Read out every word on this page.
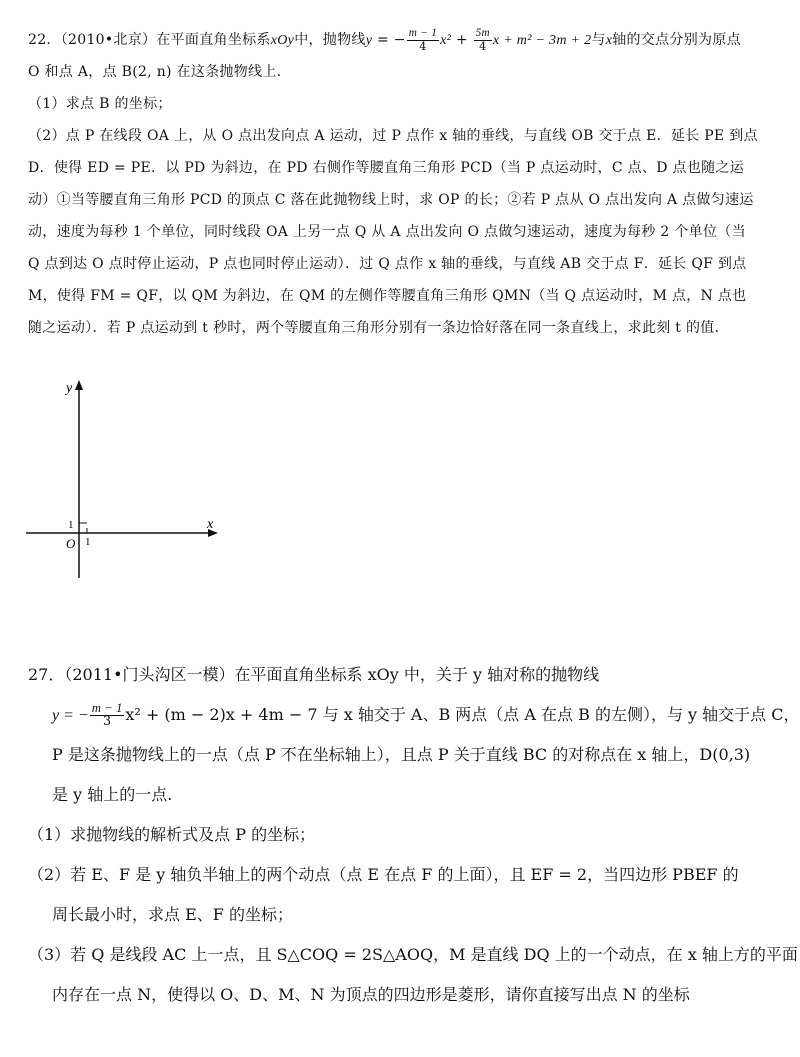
22．（2010•北京）在平面直角坐标系xOy中，抛物线y = − $\frac{m - 1}{4} x^2 + \frac{5m}{4}$ x + m² − 3m + 2与x轴的交点分别为原点
O 和点 A，点 B(2, n) 在这条抛物线上．
（1）求点 B 的坐标；
（2）点 P 在线段 OA 上，从 O 点出发向点 A 运动，过 P 点作 x 轴的垂线，与直线 OB 交于点 E．延长 PE 到点
D．使得 ED = PE．以 PD 为斜边，在 PD 右侧作等腰直角三角形 PCD（当 P 点运动时，C 点、D 点也随之运
动）①当等腰直角三角形 PCD 的顶点 C 落在此抛物线上时，求 OP 的长；②若 P 点从 O 点出发向 A 点做匀速运
动，速度为每秒 1 个单位，同时线段 OA 上另一点 Q 从 A 点出发向 O 点做匀速运动，速度为每秒 2 个单位（当
Q 点到达 O 点时停止运动，P 点也同时停止运动）．过 Q 点作 x 轴的垂线，与直线 AB 交于点 F．延长 QF 到点
M，使得 FM = QF，以 QM 为斜边，在 QM 的左侧作等腰直角三角形 QMN（当 Q 点运动时，M 点，N 点也
随之运动）．若 P 点运动到 t 秒时，两个等腰直角三角形分别有一条边恰好落在同一条直线上，求此刻 t 的值．
y
x
O
1
1
27．（2011•门头沟区一模）在平面直角坐标系 xOy 中，关于 y 轴对称的抛物线
y = − $\frac{m - 1}{3} x^2 + (m - 2)x + 4m - 7$ 与 x 轴交于 A、B 两点（点 A 在点 B 的左侧），与 y 轴交于点 C，
P 是这条抛物线上的一点（点 P 不在坐标轴上），且点 P 关于直线 BC 的对称点在 x 轴上，D(0,3)
是 y 轴上的一点.
（1）求抛物线的解析式及点 P 的坐标；
（2）若 E、F 是 y 轴负半轴上的两个动点（点 E 在点 F 的上面），且 EF = 2，当四边形 PBEF 的
周长最小时，求点 E、F 的坐标；
（3）若 Q 是线段 AC 上一点，且 S△COQ = 2S△AOQ，M 是直线 DQ 上的一个动点，在 x 轴上方的平面
内存在一点 N，使得以 O、D、M、N 为顶点的四边形是菱形，请你直接写出点 N 的坐标
